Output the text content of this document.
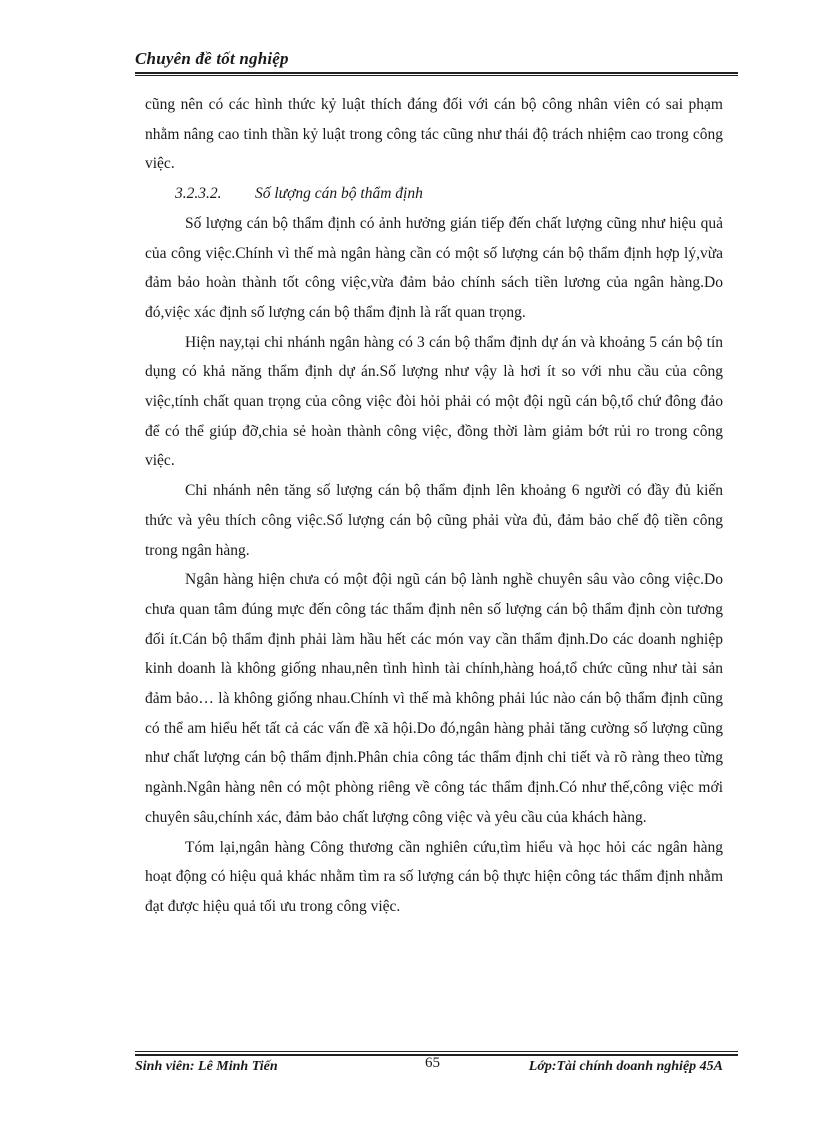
Chuyên đề tốt nghiệp

cũng nên có các hình thức kỷ luật thích đáng đối với cán bộ công nhân viên có sai phạm nhằm nâng cao tinh thần kỷ luật trong công tác cũng như thái độ trách nhiệm cao trong công việc.

3.2.3.2. Số lượng cán bộ thẩm định

Số lượng cán bộ thẩm định có ảnh hưởng gián tiếp đến chất lượng cũng như hiệu quả của công việc.Chính vì thế mà ngân hàng cần có một số lượng cán bộ thẩm định hợp lý,vừa đảm bảo hoàn thành tốt công việc,vừa đảm bảo chính sách tiền lương của ngân hàng.Do đó,việc xác định số lượng cán bộ thẩm định là rất quan trọng.

Hiện nay,tại chi nhánh ngân hàng có 3 cán bộ thẩm định dự án và khoảng 5 cán bộ tín dụng có khả năng thẩm định dự án.Số lượng như vậy là hơi ít so với nhu cầu của công việc,tính chất quan trọng của công việc đòi hỏi phải có một đội ngũ cán bộ,tổ chứ đông đảo để có thể giúp đỡ,chia sẻ hoàn thành công việc, đồng thời làm giảm bớt rủi ro trong công việc.

Chi nhánh nên tăng số lượng cán bộ thẩm định lên khoảng 6 người có đầy đủ kiến thức và yêu thích công việc.Số lượng cán bộ cũng phải vừa đủ, đảm bảo chế độ tiền công trong ngân hàng.

Ngân hàng hiện chưa có một đội ngũ cán bộ lành nghề chuyên sâu vào công việc.Do chưa quan tâm đúng mực đến công tác thẩm định nên số lượng cán bộ thẩm định còn tương đối ít.Cán bộ thẩm định phải làm hầu hết các món vay cần thẩm định.Do các doanh nghiệp kinh doanh là không giống nhau,nên tình hình tài chính,hàng hoá,tổ chức cũng như tài sản đảm bảo… là không giống nhau.Chính vì thế mà không phải lúc nào cán bộ thẩm định cũng có thể am hiểu hết tất cả các vấn đề xã hội.Do đó,ngân hàng phải tăng cường số lượng cũng như chất lượng cán bộ thẩm định.Phân chia công tác thẩm định chi tiết và rõ ràng theo từng ngành.Ngân hàng nên có một phòng riêng về công tác thẩm định.Có như thế,công việc mới chuyên sâu,chính xác, đảm bảo chất lượng công việc và yêu cầu của khách hàng.

Tóm lại,ngân hàng Công thương cần nghiên cứu,tìm hiểu và học hỏi các ngân hàng hoạt động có hiệu quả khác nhằm tìm ra số lượng cán bộ thực hiện công tác thẩm định nhằm đạt được hiệu quả tối ưu trong công việc.

Sinh viên: Lê Minh Tiến	65	Lớp:Tài chính doanh nghiệp 45A
